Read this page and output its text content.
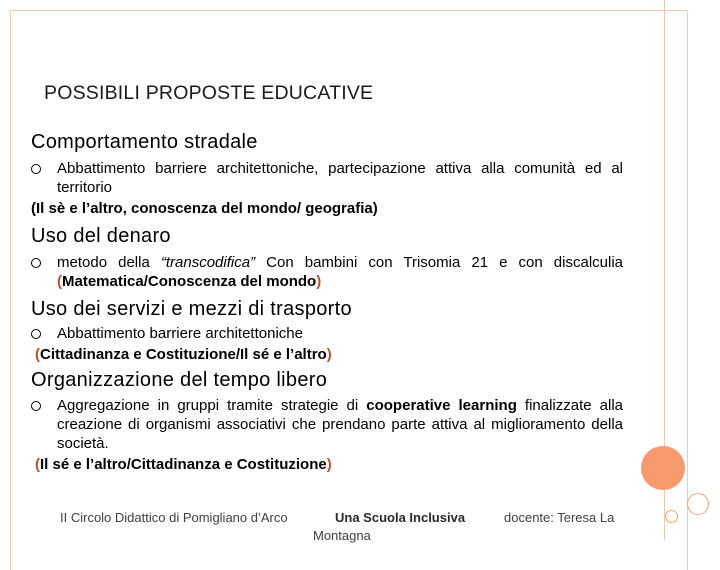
POSSIBILI PROPOSTE EDUCATIVE

Comportamento stradale

Abbattimento barriere architettoniche, partecipazione attiva alla comunità ed al territorio

(Il sè e l’altro, conoscenza del mondo/ geografia)

Uso del denaro

metodo della “transcodifica” Con bambini con Trisomia 21 e con discalculia (Matematica/Conoscenza del mondo)

Uso dei servizi e mezzi di trasporto

Abbattimento barriere architettoniche

(Cittadinanza e Costituzione/Il sé e l’altro)

Organizzazione del tempo libero

Aggregazione in gruppi tramite strategie di cooperative learning finalizzate alla creazione di organismi associativi che prendano parte attiva al miglioramento della società.

(Il sé e l’altro/Cittadinanza e Costituzione)

II Circolo Didattico di Pomigliano d’Arco	Una Scuola Inclusiva	docente: Teresa La
Montagna
